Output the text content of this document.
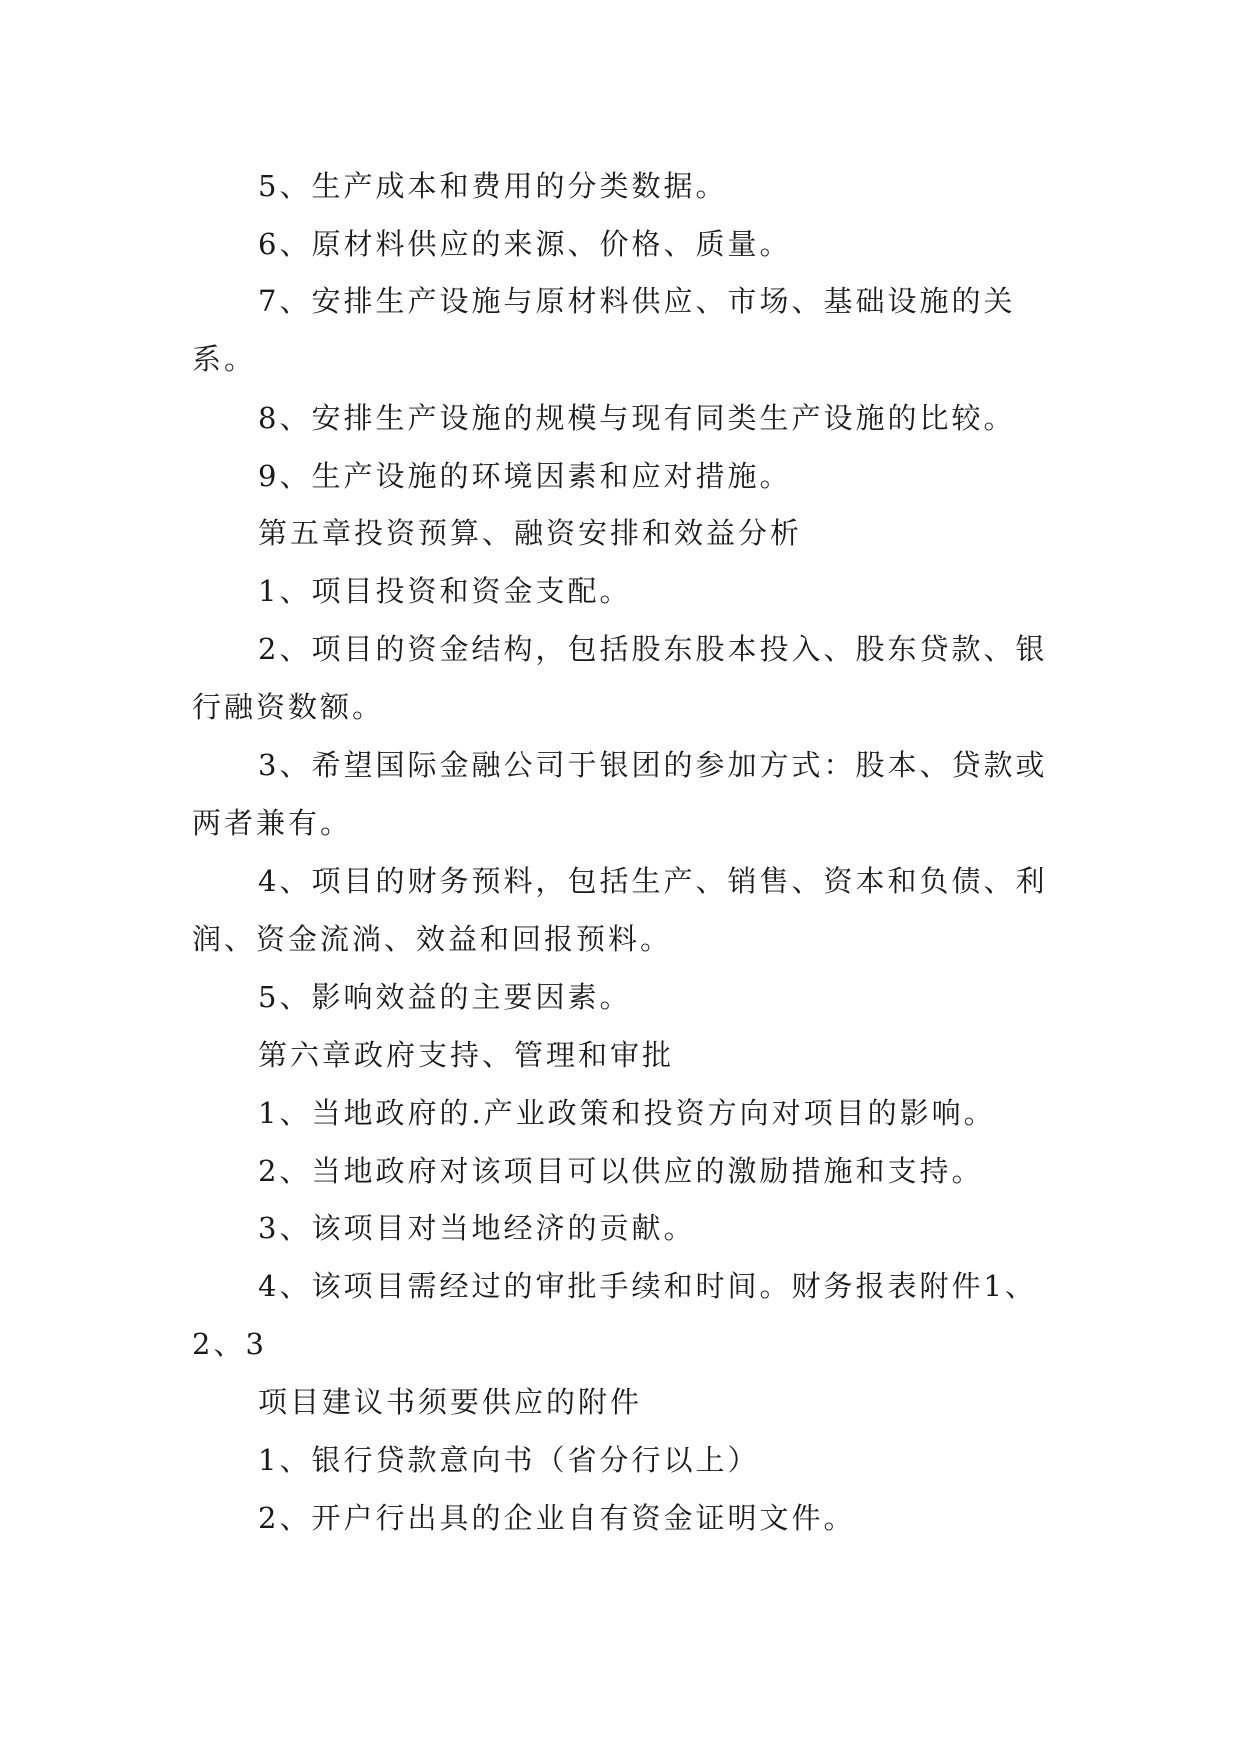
5、生产成本和费用的分类数据。

6、原材料供应的来源、价格、质量。

7、安排生产设施与原材料供应、市场、基础设施的关系。

8、安排生产设施的规模与现有同类生产设施的比较。

9、生产设施的环境因素和应对措施。

第五章投资预算、融资安排和效益分析

1、项目投资和资金支配。

2、项目的资金结构，包括股东股本投入、股东贷款、银行融资数额。

3、希望国际金融公司于银团的参加方式：股本、贷款或两者兼有。

4、项目的财务预料，包括生产、销售、资本和负债、利润、资金流淌、效益和回报预料。

5、影响效益的主要因素。

第六章政府支持、管理和审批

1、当地政府的.产业政策和投资方向对项目的影响。

2、当地政府对该项目可以供应的激励措施和支持。

3、该项目对当地经济的贡献。

4、该项目需经过的审批手续和时间。财务报表附件1、2、3

项目建议书须要供应的附件

1、银行贷款意向书（省分行以上）

2、开户行出具的企业自有资金证明文件。
